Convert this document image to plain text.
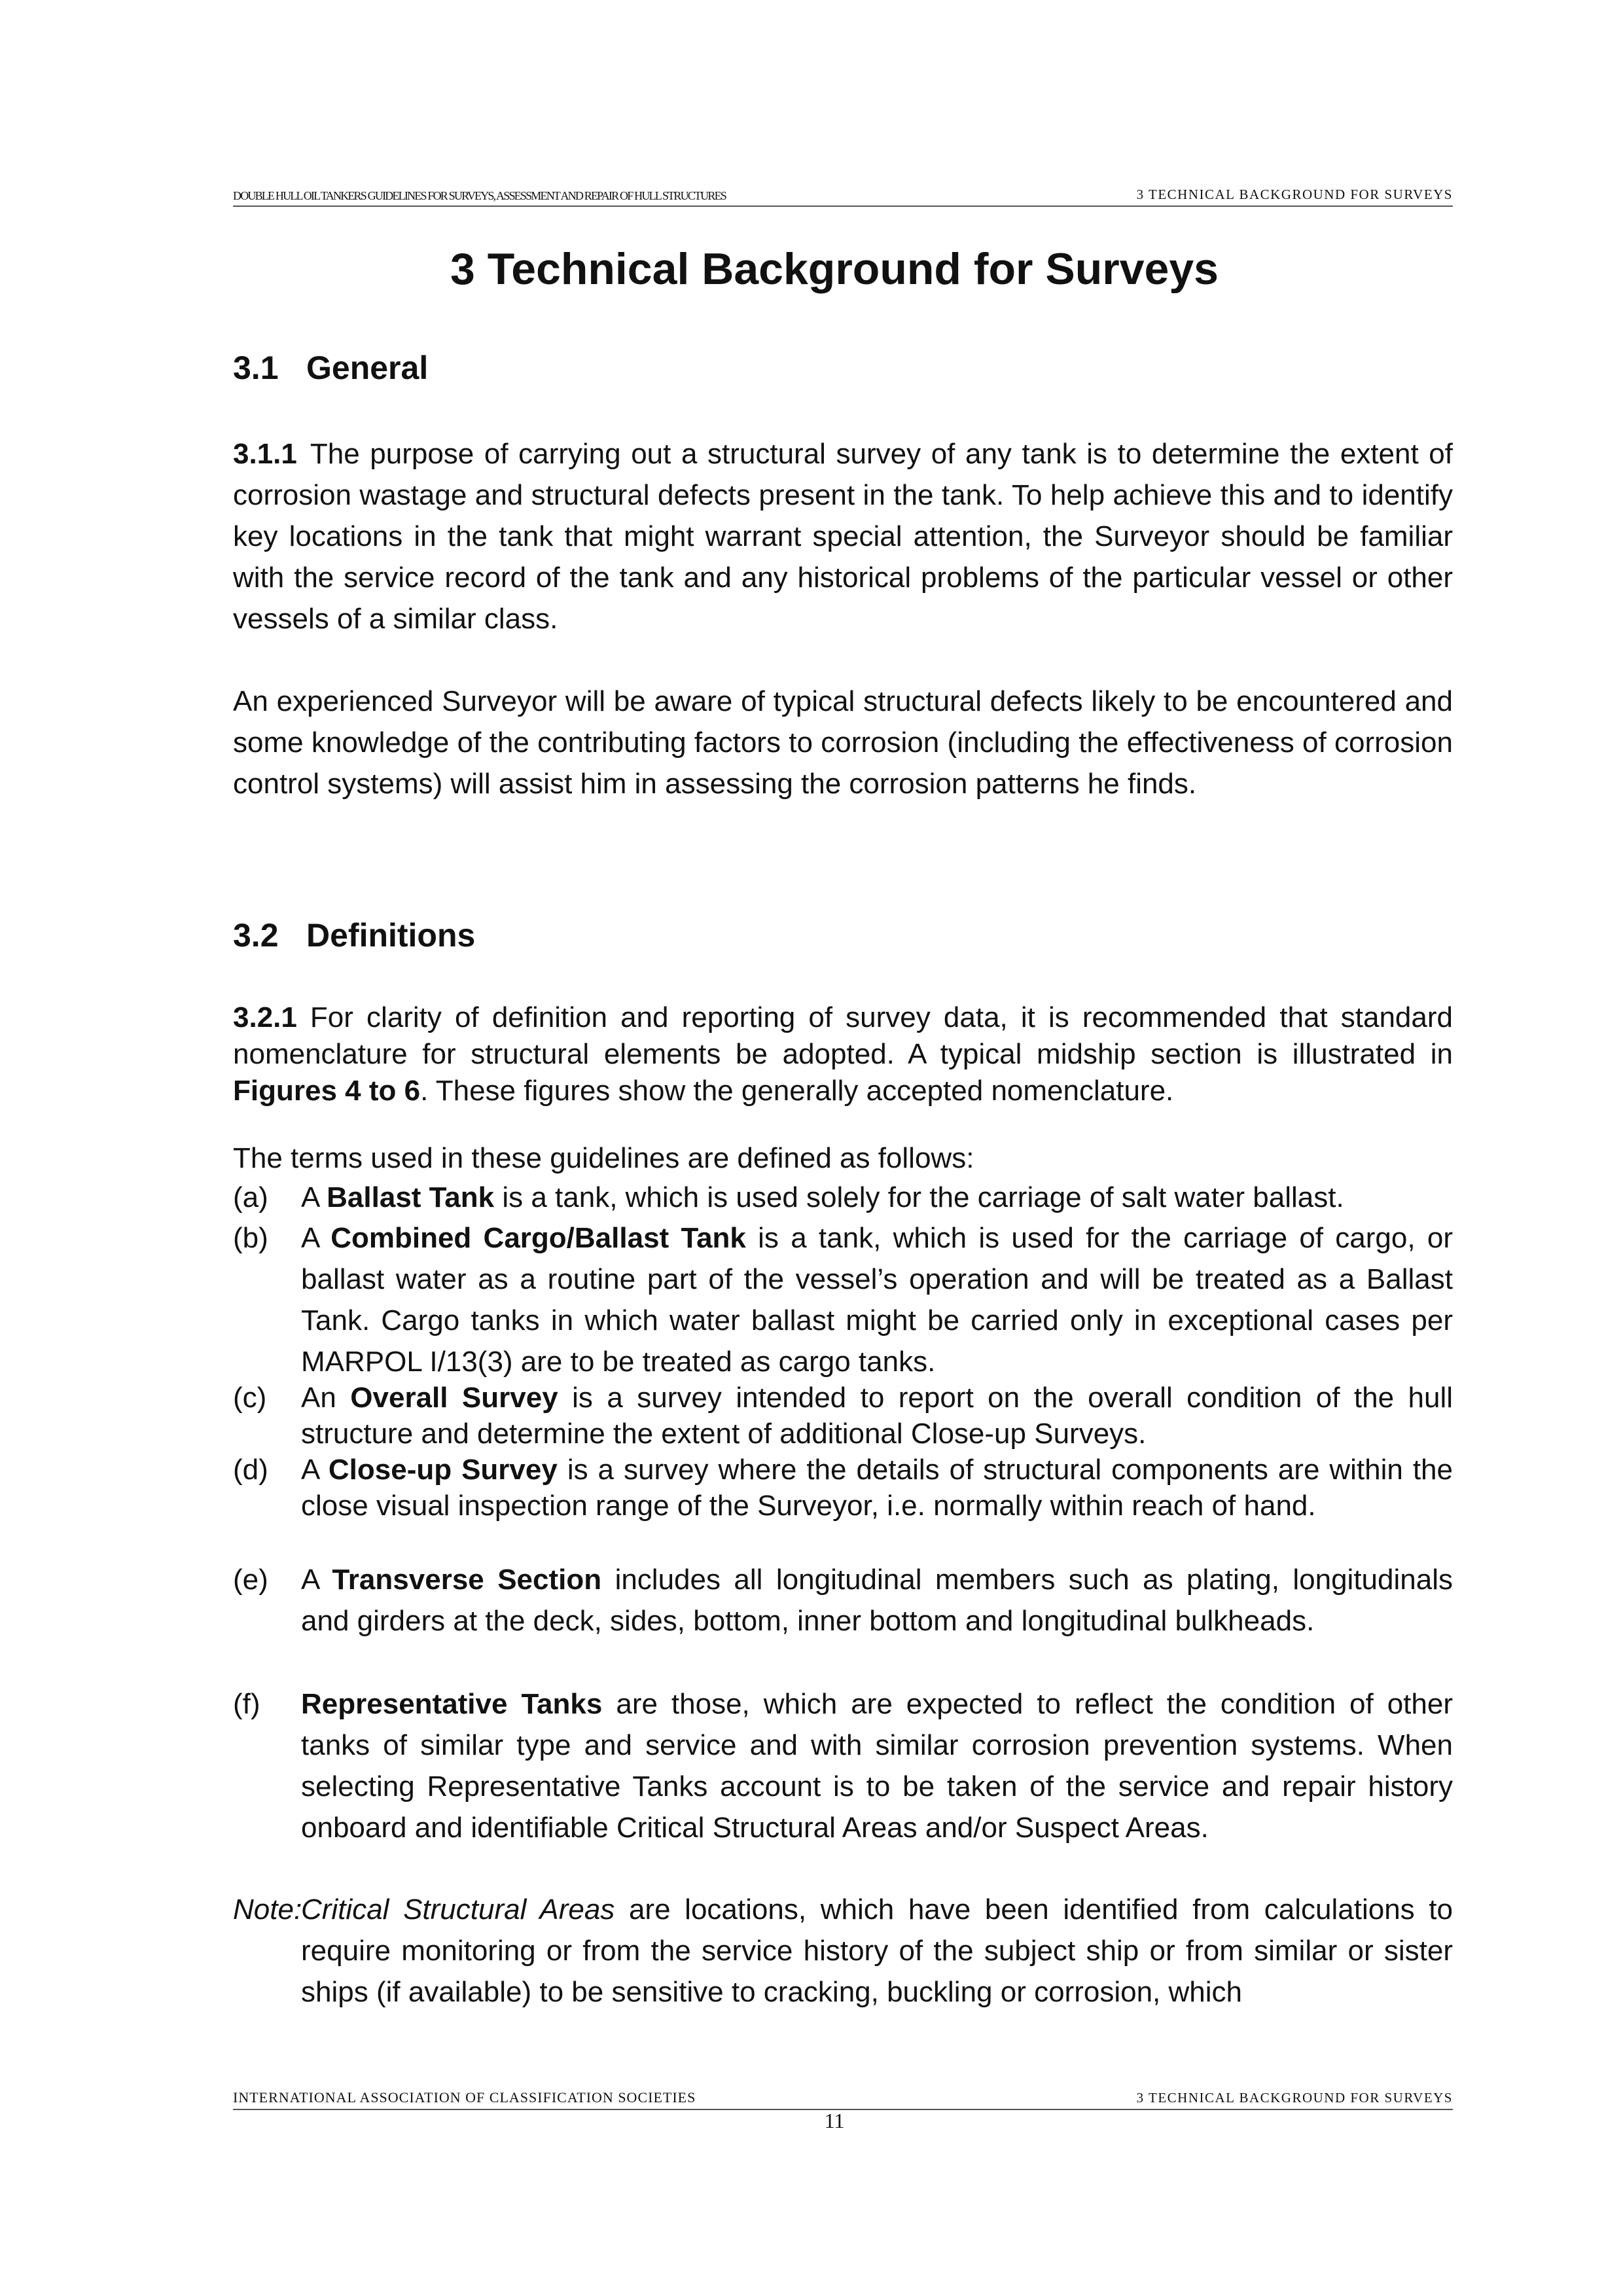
DOUBLE HULL OIL TANKERS GUIDELINES FOR SURVEYS, ASSESSMENT AND REPAIR OF HULL STRUCTURES	3 TECHNICAL BACKGROUND FOR SURVEYS
3 Technical Background for Surveys
3.1 General
3.1.1 The purpose of carrying out a structural survey of any tank is to determine the extent of corrosion wastage and structural defects present in the tank. To help achieve this and to identify key locations in the tank that might warrant special attention, the Surveyor should be familiar with the service record of the tank and any historical problems of the particular vessel or other vessels of a similar class.
An experienced Surveyor will be aware of typical structural defects likely to be encountered and some knowledge of the contributing factors to corrosion (including the effectiveness of corrosion control systems) will assist him in assessing the corrosion patterns he finds.
3.2 Definitions
3.2.1 For clarity of definition and reporting of survey data, it is recommended that standard nomenclature for structural elements be adopted. A typical midship section is illustrated in Figures 4 to 6. These figures show the generally accepted nomenclature.
The terms used in these guidelines are defined as follows:
(a) A Ballast Tank is a tank, which is used solely for the carriage of salt water ballast.
(b) A Combined Cargo/Ballast Tank is a tank, which is used for the carriage of cargo, or ballast water as a routine part of the vessel’s operation and will be treated as a Ballast Tank. Cargo tanks in which water ballast might be carried only in exceptional cases per MARPOL I/13(3) are to be treated as cargo tanks.
(c) An Overall Survey is a survey intended to report on the overall condition of the hull structure and determine the extent of additional Close-up Surveys.
(d) A Close-up Survey is a survey where the details of structural components are within the close visual inspection range of the Surveyor, i.e. normally within reach of hand.
(e) A Transverse Section includes all longitudinal members such as plating, longitudinals and girders at the deck, sides, bottom, inner bottom and longitudinal bulkheads.
(f) Representative Tanks are those, which are expected to reflect the condition of other tanks of similar type and service and with similar corrosion prevention systems. When selecting Representative Tanks account is to be taken of the service and repair history onboard and identifiable Critical Structural Areas and/or Suspect Areas.
Note:
Critical Structural Areas are locations, which have been identified from calculations to require monitoring or from the service history of the subject ship or from similar or sister ships (if available) to be sensitive to cracking, buckling or corrosion, which
INTERNATIONAL ASSOCIATION OF CLASSIFICATION SOCIETIES	3 TECHNICAL BACKGROUND FOR SURVEYS
11
